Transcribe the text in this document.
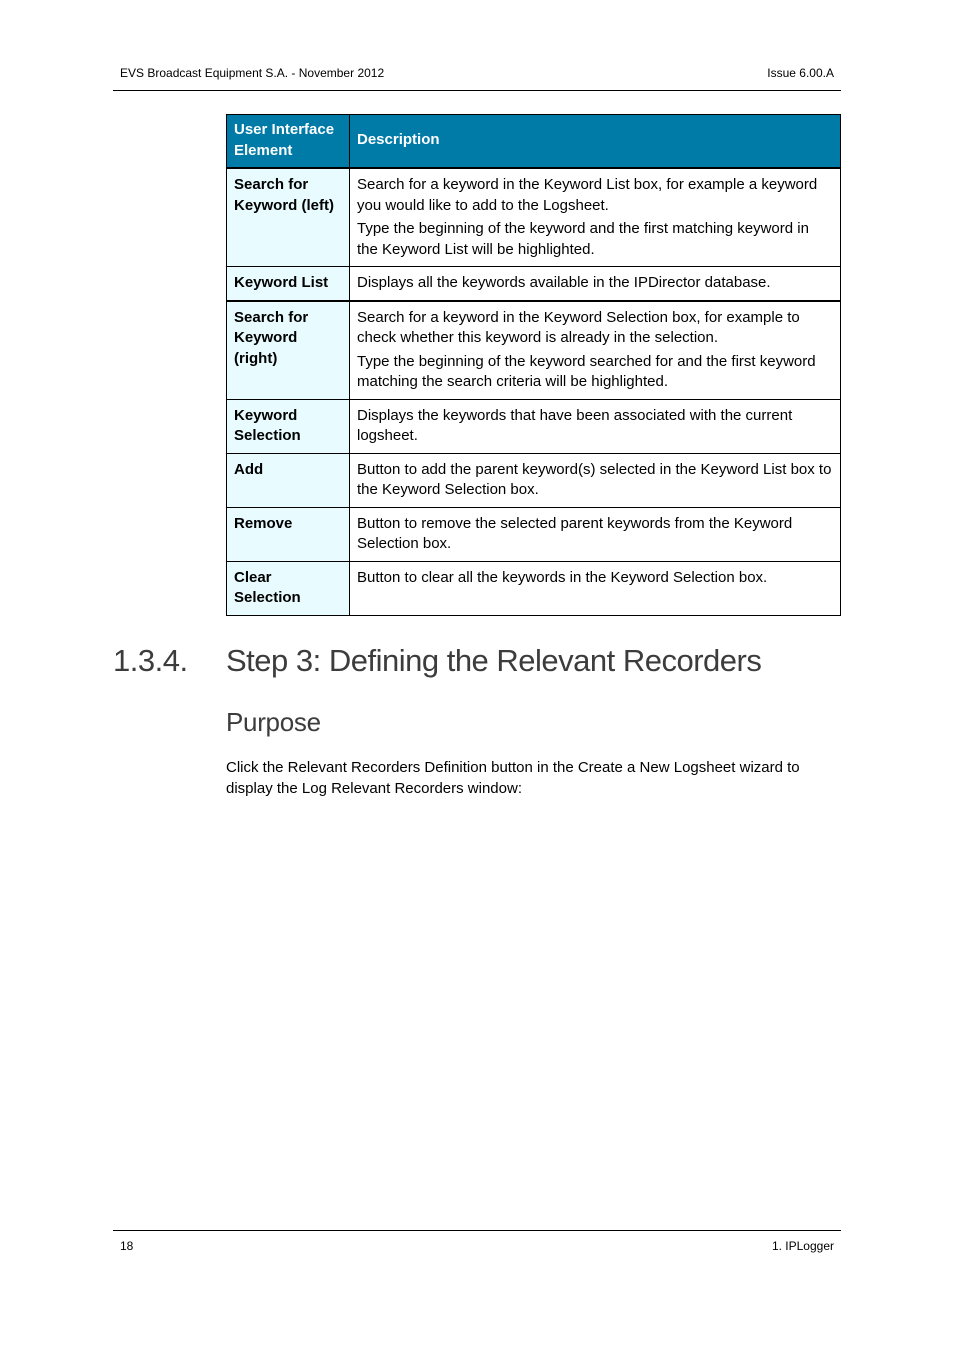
EVS Broadcast Equipment S.A. - November 2012	Issue 6.00.A
User Interface Element	Description
Search for Keyword (left)	Search for a keyword in the Keyword List box, for example a keyword you would like to add to the Logsheet.

Type the beginning of the keyword and the first matching keyword in the Keyword List will be highlighted.

Keyword List	Displays all the keywords available in the IPDirector database.

Search for Keyword (right)	Search for a keyword in the Keyword Selection box, for example to check whether this keyword is already in the selection.

Type the beginning of the keyword searched for and the first keyword matching the search criteria will be highlighted.

Keyword Selection	Displays the keywords that have been associated with the current logsheet.

Add	Button to add the parent keyword(s) selected in the Keyword List box to the Keyword Selection box.

Remove	Button to remove the selected parent keywords from the Keyword Selection box.

Clear Selection	Button to clear all the keywords in the Keyword Selection box.

1.3.4. Step 3: Defining the Relevant Recorders
Purpose
Click the Relevant Recorders Definition button in the Create a New Logsheet wizard to display the Log Relevant Recorders window:
18	1. IPLogger
